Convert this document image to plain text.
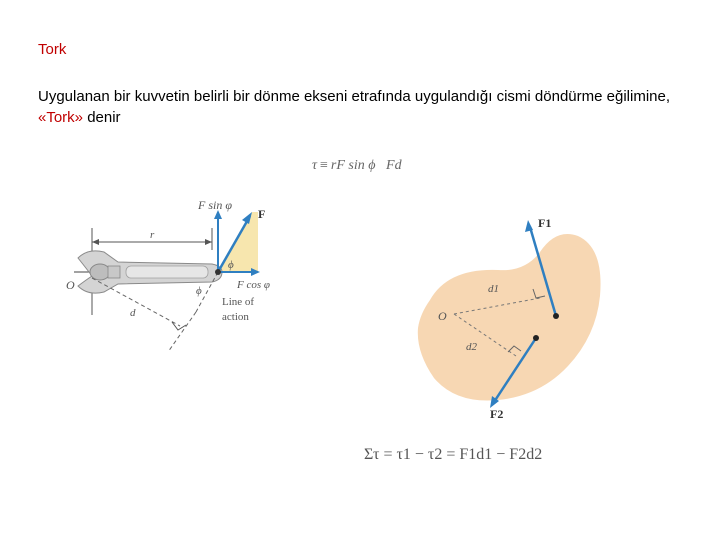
Tork
Uygulanan bir kuvvetin belirli bir dönme ekseni etrafında uygulandığı cismi döndürme eğilimine, «Tork» denir
τ ≡ rF sin ϕ Fd
F sin φ
F
r
ϕ
ϕ
O	F cos φ
Line of
action
d
F1
F2
d1
d2
O
Στ = τ1 − τ2 = F1d1 − F2d2
